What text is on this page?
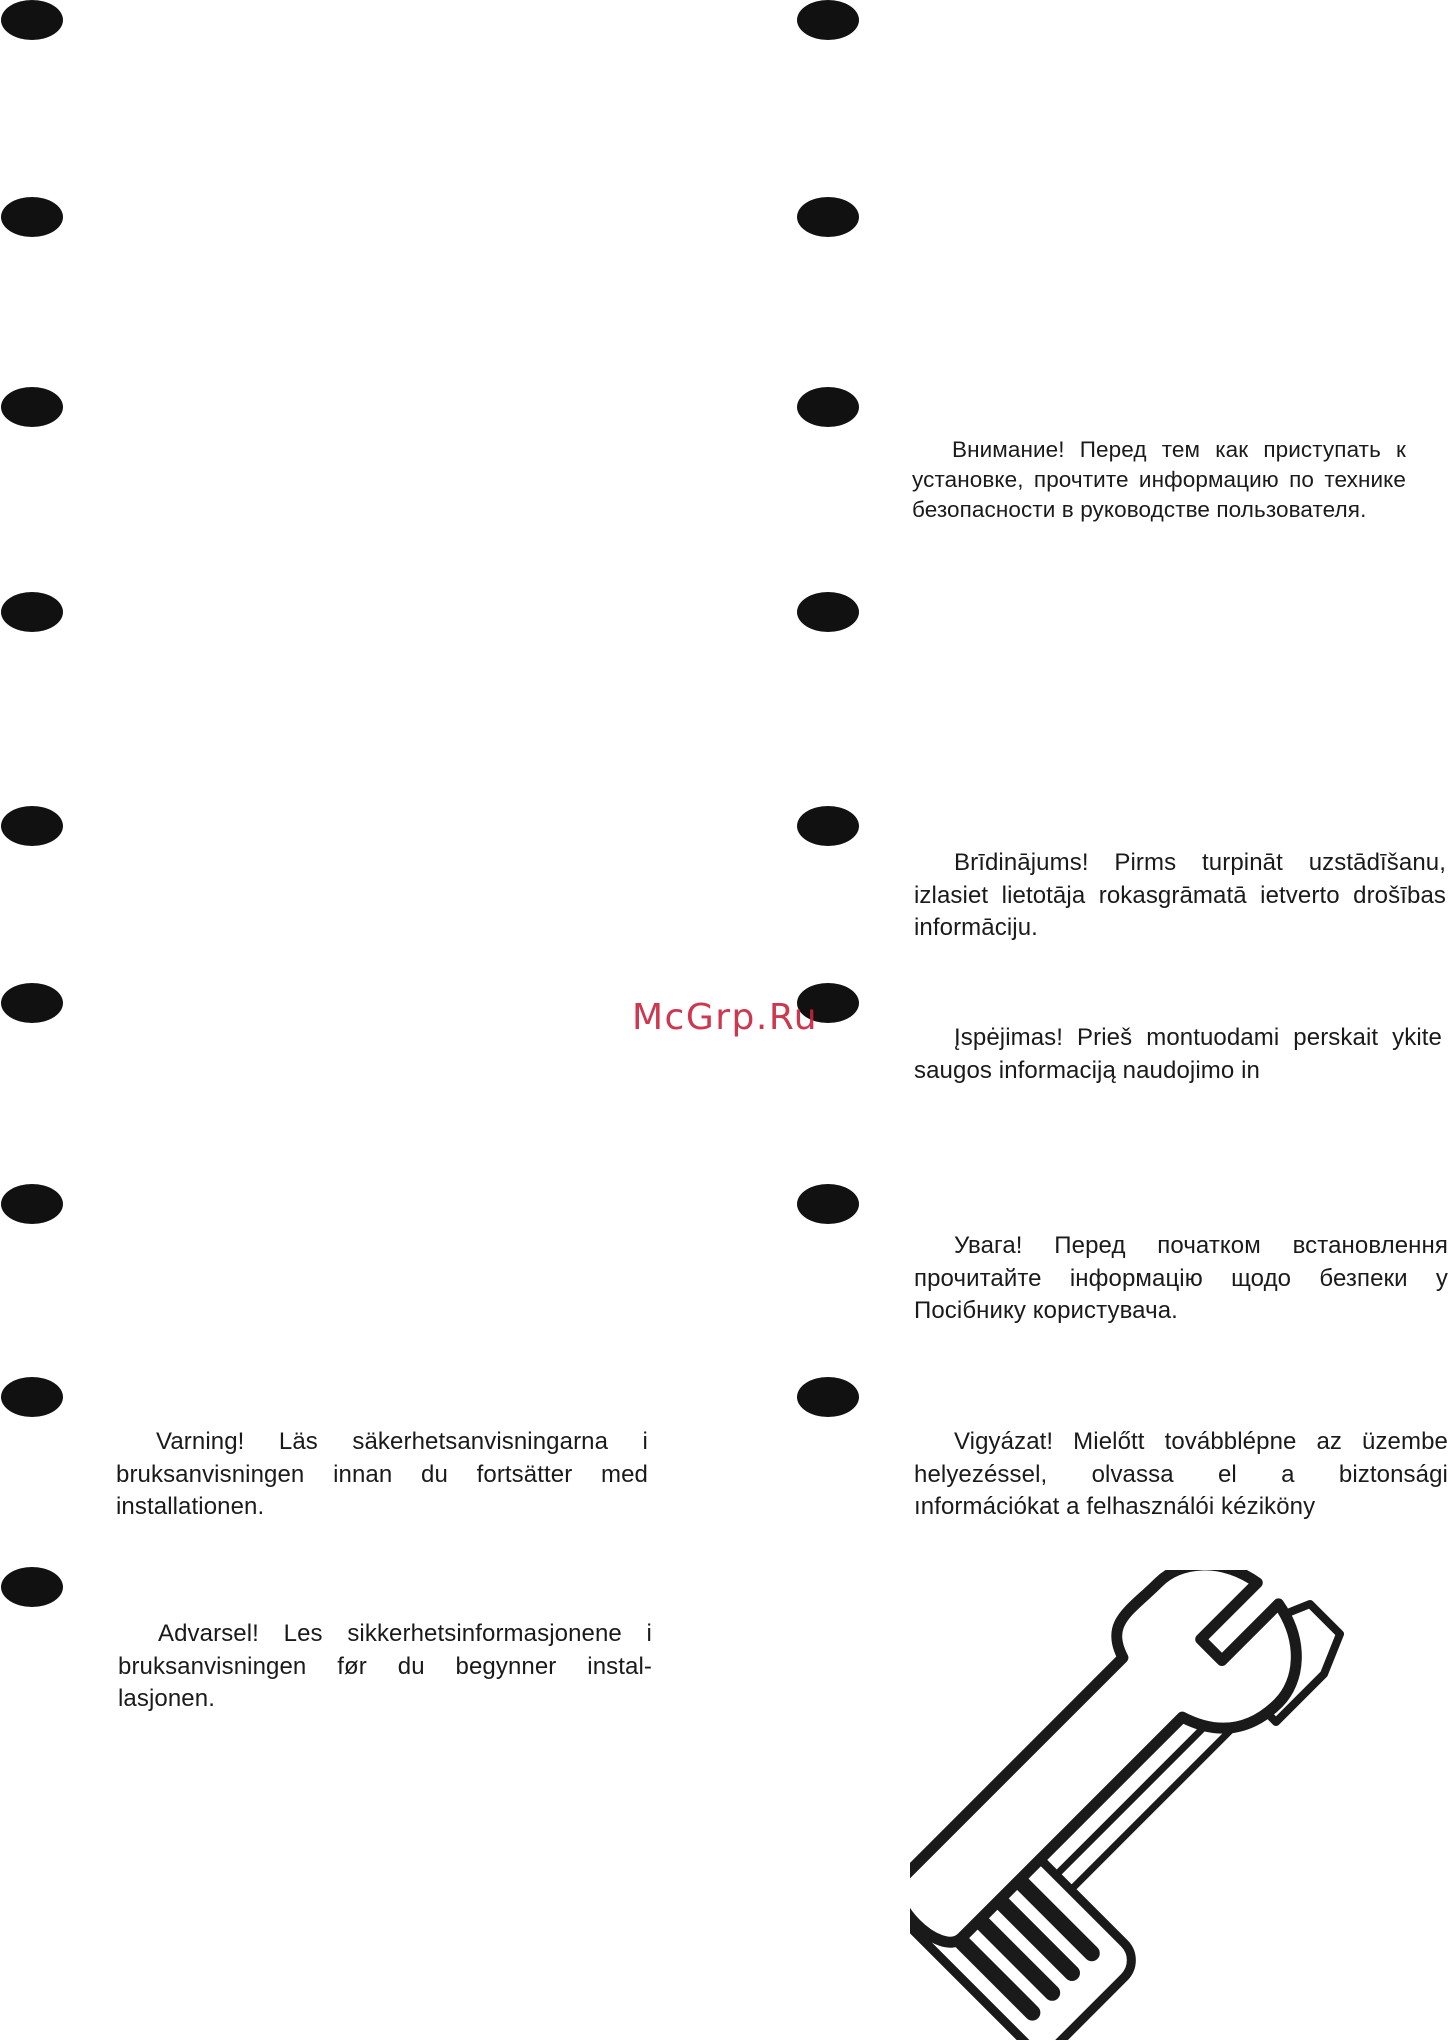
Внимание! Перед тем как приступать к установке, прочтите информацию по технике безопасности в руководстве пользователя.

Brīdinājums! Pirms turpināt uzstādīšanu, izlasiet lietotāja rokasgrāmatā ietverto drošības informāciju.

Įspėjimas! Prieš montuodami perskait ykite saugos informaciją naudojimo in

Увага! Перед початком встановлення прочитайте інформацію щодо безпеки у Посібнику користувача.

Vigyázat! Mielőtt továbblépne az üzembe helyezéssel, olvassa el a biztonsági ınformációkat a felhasználói kéziköny

Varning! Läs säkerhetsanvisningarna i bruksanvisningen innan du fortsätter med installationen.

Advarsel! Les sikkerhetsinformasjonene i bruksanvisningen før du begynner instal-lasjonen.

McGrp.Ru
